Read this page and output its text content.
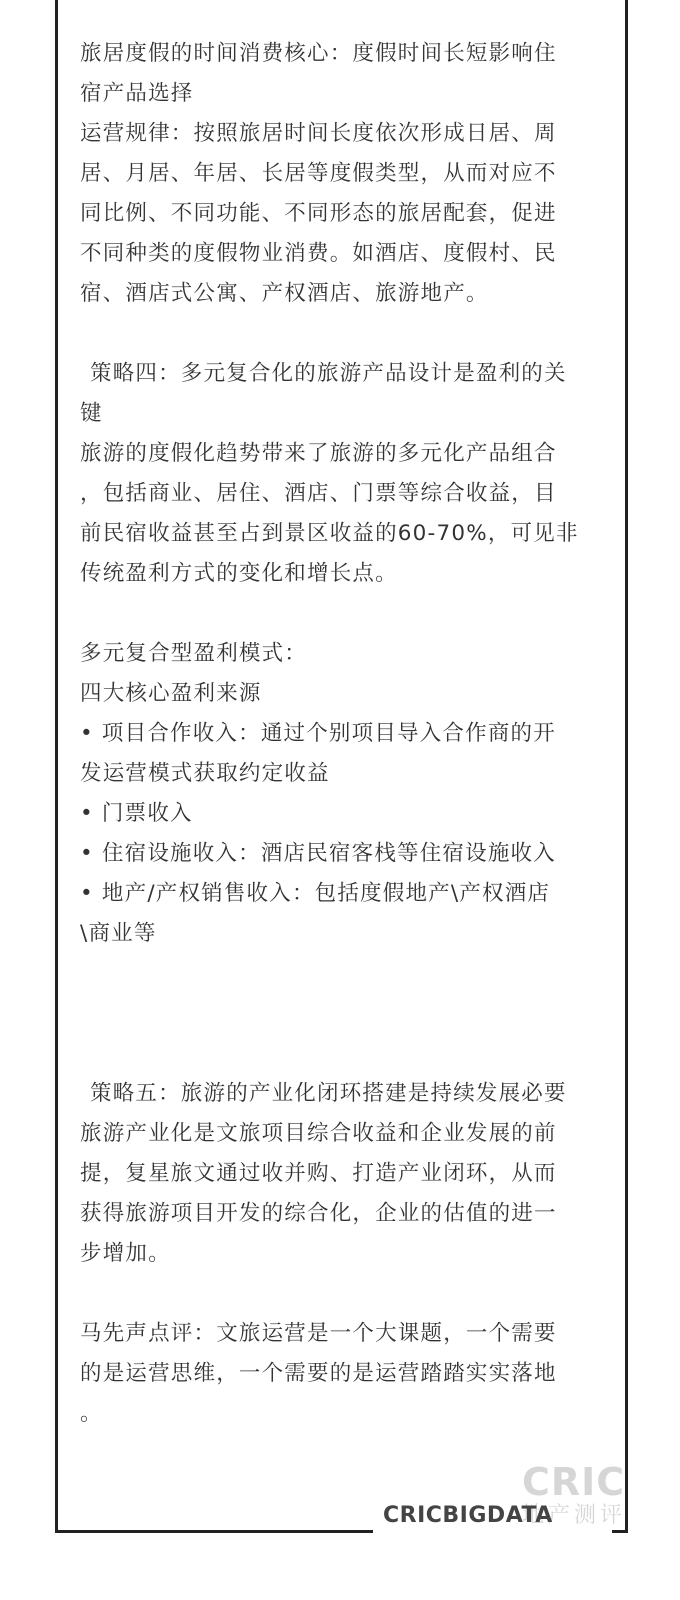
旅居度假的时间消费核心：度假时间长短影响住
宿产品选择
运营规律：按照旅居时间长度依次形成日居、周
居、月居、年居、长居等度假类型，从而对应不
同比例、不同功能、不同形态的旅居配套，促进
不同种类的度假物业消费。如酒店、度假村、民
宿、酒店式公寓、产权酒店、旅游地产。
策略四：多元复合化的旅游产品设计是盈利的关
键
旅游的度假化趋势带来了旅游的多元化产品组合
，包括商业、居住、酒店、门票等综合收益，目
前民宿收益甚至占到景区收益的60-70%，可见非
传统盈利方式的变化和增长点。
多元复合型盈利模式：
四大核心盈利来源
• 项目合作收入：通过个别项目导入合作商的开
发运营模式获取约定收益
• 门票收入
• 住宿设施收入：酒店民宿客栈等住宿设施收入
• 地产/产权销售收入：包括度假地产\产权酒店
\商业等
策略五：旅游的产业化闭环搭建是持续发展必要
旅游产业化是文旅项目综合收益和企业发展的前
提，复星旅文通过收并购、打造产业闭环，从而
获得旅游项目开发的综合化，企业的估值的进一
步增加。
马先声点评：文旅运营是一个大课题，一个需要
的是运营思维，一个需要的是运营踏踏实实落地
。
CRIC
地产测评
CRICBIGDATA
